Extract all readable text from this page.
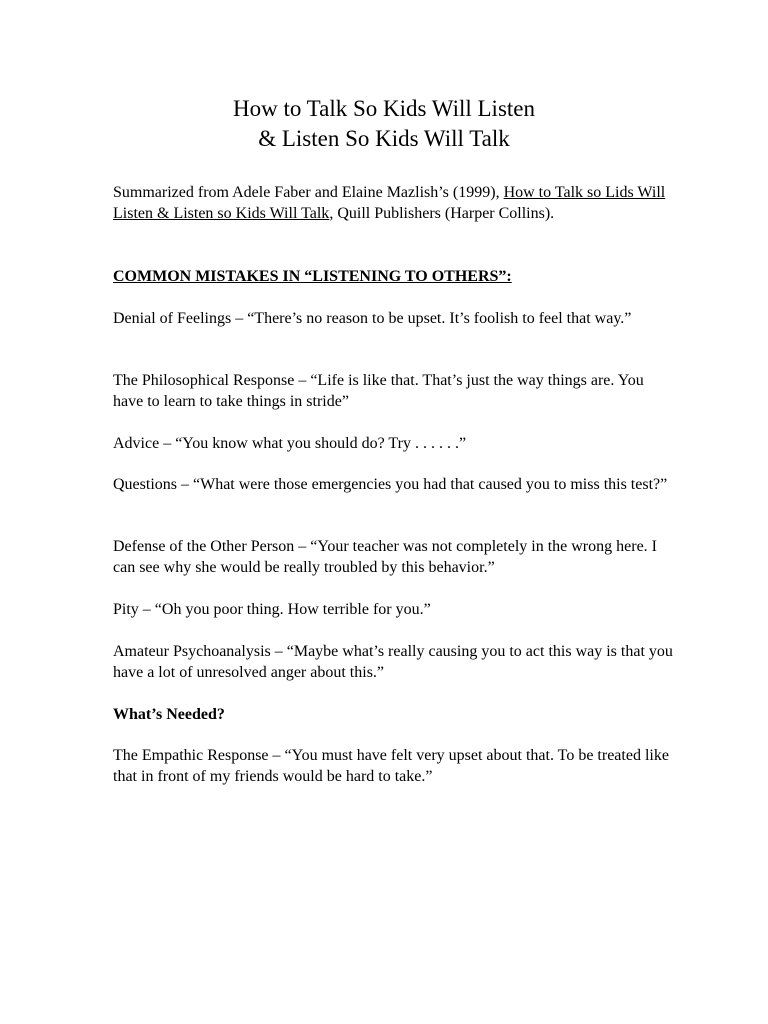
How to Talk So Kids Will Listen
& Listen So Kids Will Talk
Summarized from Adele Faber and Elaine Mazlish’s (1999), How to Talk so Lids Will Listen & Listen so Kids Will Talk, Quill Publishers (Harper Collins).
COMMON MISTAKES IN “LISTENING TO OTHERS”:
Denial of Feelings – “There’s no reason to be upset. It’s foolish to feel that way.”
The Philosophical Response – “Life is like that. That’s just the way things are. You have to learn to take things in stride”
Advice – “You know what you should do? Try . . . . . .”
Questions – “What were those emergencies you had that caused you to miss this test?”
Defense of the Other Person – “Your teacher was not completely in the wrong here. I can see why she would be really troubled by this behavior.”
Pity – “Oh you poor thing. How terrible for you.”
Amateur Psychoanalysis – “Maybe what’s really causing you to act this way is that you have a lot of unresolved anger about this.”
What’s Needed?
The Empathic Response – “You must have felt very upset about that. To be treated like that in front of my friends would be hard to take.”
